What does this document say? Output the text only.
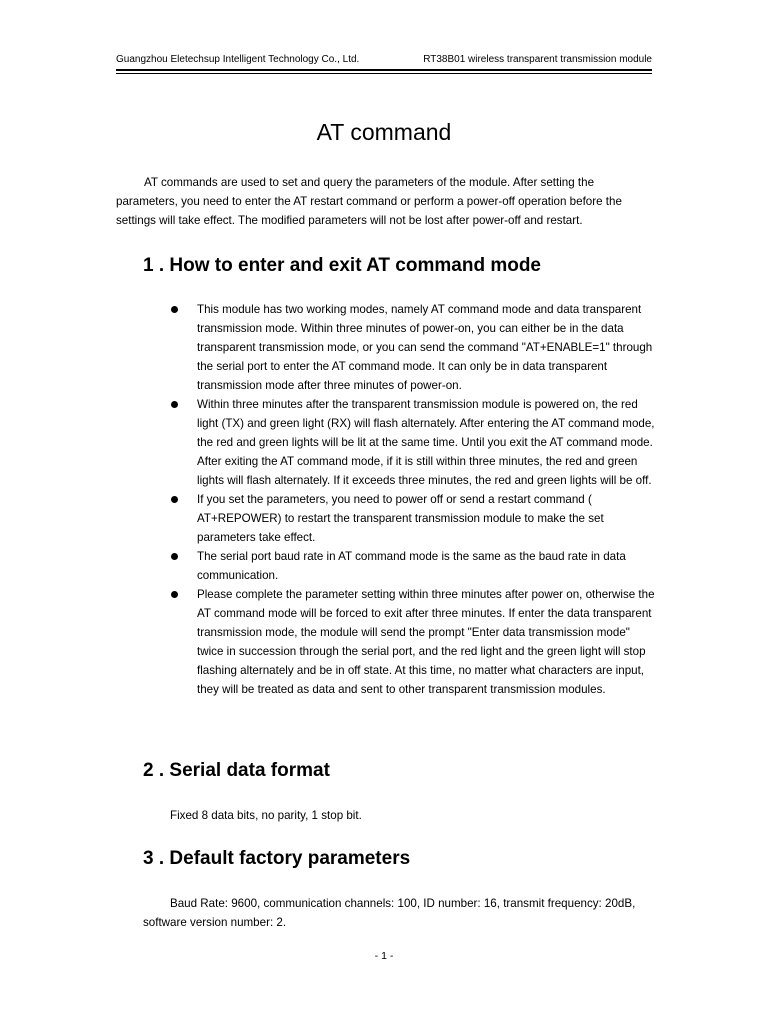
Guangzhou Eletechsup Intelligent Technology Co., Ltd.	RT38B01 wireless transparent transmission module
AT command

AT commands are used to set and query the parameters of the module. After setting the parameters, you need to enter the AT restart command or perform a power-off operation before the settings will take effect. The modified parameters will not be lost after power-off and restart.

1 . How to enter and exit AT command mode
This module has two working modes, namely AT command mode and data transparent transmission mode. Within three minutes of power-on, you can either be in the data transparent transmission mode, or you can send the command "AT+ENABLE=1" through the serial port to enter the AT command mode. It can only be in data transparent transmission mode after three minutes of power-on.
Within three minutes after the transparent transmission module is powered on, the red light (TX) and green light (RX) will flash alternately. After entering the AT command mode, the red and green lights will be lit at the same time. Until you exit the AT command mode. After exiting the AT command mode, if it is still within three minutes, the red and green lights will flash alternately. If it exceeds three minutes, the red and green lights will be off.
If you set the parameters, you need to power off or send a restart command ( AT+REPOWER) to restart the transparent transmission module to make the set parameters take effect.
The serial port baud rate in AT command mode is the same as the baud rate in data communication.
Please complete the parameter setting within three minutes after power on, otherwise the AT command mode will be forced to exit after three minutes. If enter the data transparent transmission mode, the module will send the prompt "Enter data transmission mode" twice in succession through the serial port, and the red light and the green light will stop flashing alternately and be in off state. At this time, no matter what characters are input, they will be treated as data and sent to other transparent transmission modules.
2 . Serial data format

Fixed 8 data bits, no parity, 1 stop bit.

3 . Default factory parameters

Baud Rate: 9600, communication channels: 100, ID number: 16, transmit frequency: 20dB, software version number: 2.

- 1 -
